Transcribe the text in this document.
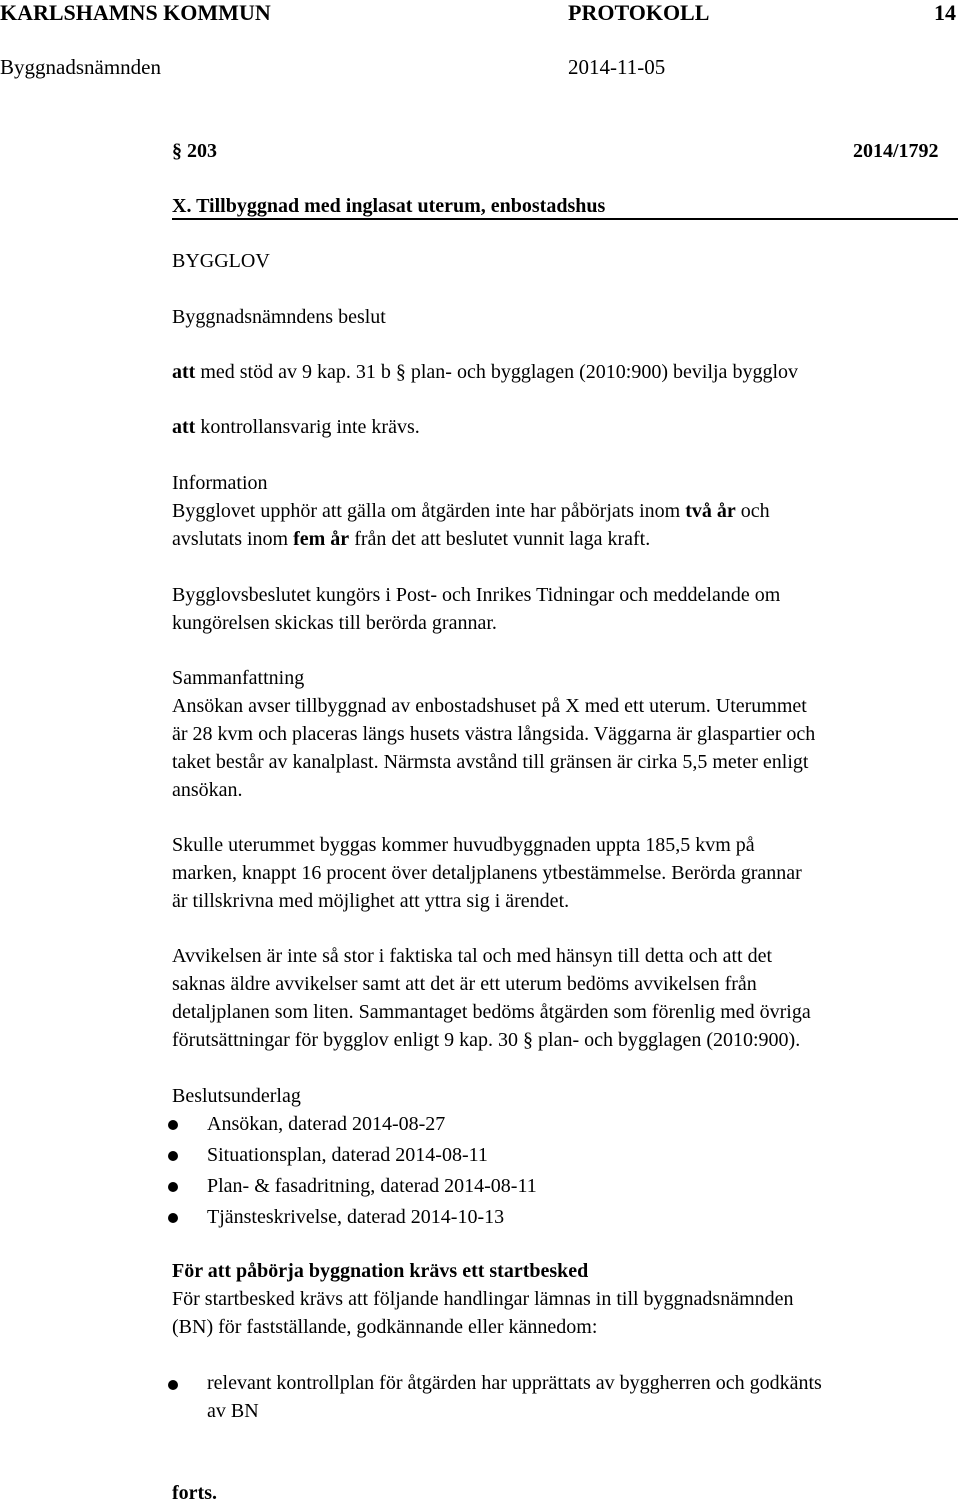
KARLSHAMNS KOMMUN	PROTOKOLL	14
Byggnadsnämnden	2014-11-05
§ 203	2014/1792
X. Tillbyggnad med inglasat uterum, enbostadshus
BYGGLOV
Byggnadsnämndens beslut
att med stöd av 9 kap. 31 b § plan- och bygglagen (2010:900) bevilja bygglov
att kontrollansvarig inte krävs.
Information
Bygglovet upphör att gälla om åtgärden inte har påbörjats inom två år och
avslutats inom fem år från det att beslutet vunnit laga kraft.
Bygglovsbeslutet kungörs i Post- och Inrikes Tidningar och meddelande om
kungörelsen skickas till berörda grannar.
Sammanfattning
Ansökan avser tillbyggnad av enbostadshuset på X med ett uterum. Uterummet
är 28 kvm och placeras längs husets västra långsida. Väggarna är glaspartier och
taket består av kanalplast. Närmsta avstånd till gränsen är cirka 5,5 meter enligt
ansökan.
Skulle uterummet byggas kommer huvudbyggnaden uppta 185,5 kvm på
marken, knappt 16 procent över detaljplanens ytbestämmelse. Berörda grannar
är tillskrivna med möjlighet att yttra sig i ärendet.
Avvikelsen är inte så stor i faktiska tal och med hänsyn till detta och att det
saknas äldre avvikelser samt att det är ett uterum bedöms avvikelsen från
detaljplanen som liten. Sammantaget bedöms åtgärden som förenlig med övriga
förutsättningar för bygglov enligt 9 kap. 30 § plan- och bygglagen (2010:900).
Beslutsunderlag
Ansökan, daterad 2014-08-27
Situationsplan, daterad 2014-08-11
Plan- & fasadritning, daterad 2014-08-11
Tjänsteskrivelse, daterad 2014-10-13
För att påbörja byggnation krävs ett startbesked
För startbesked krävs att följande handlingar lämnas in till byggnadsnämnden
(BN) för fastställande, godkännande eller kännedom:
relevant kontrollplan för åtgärden har upprättats av byggherren och godkänts
av BN
forts.
